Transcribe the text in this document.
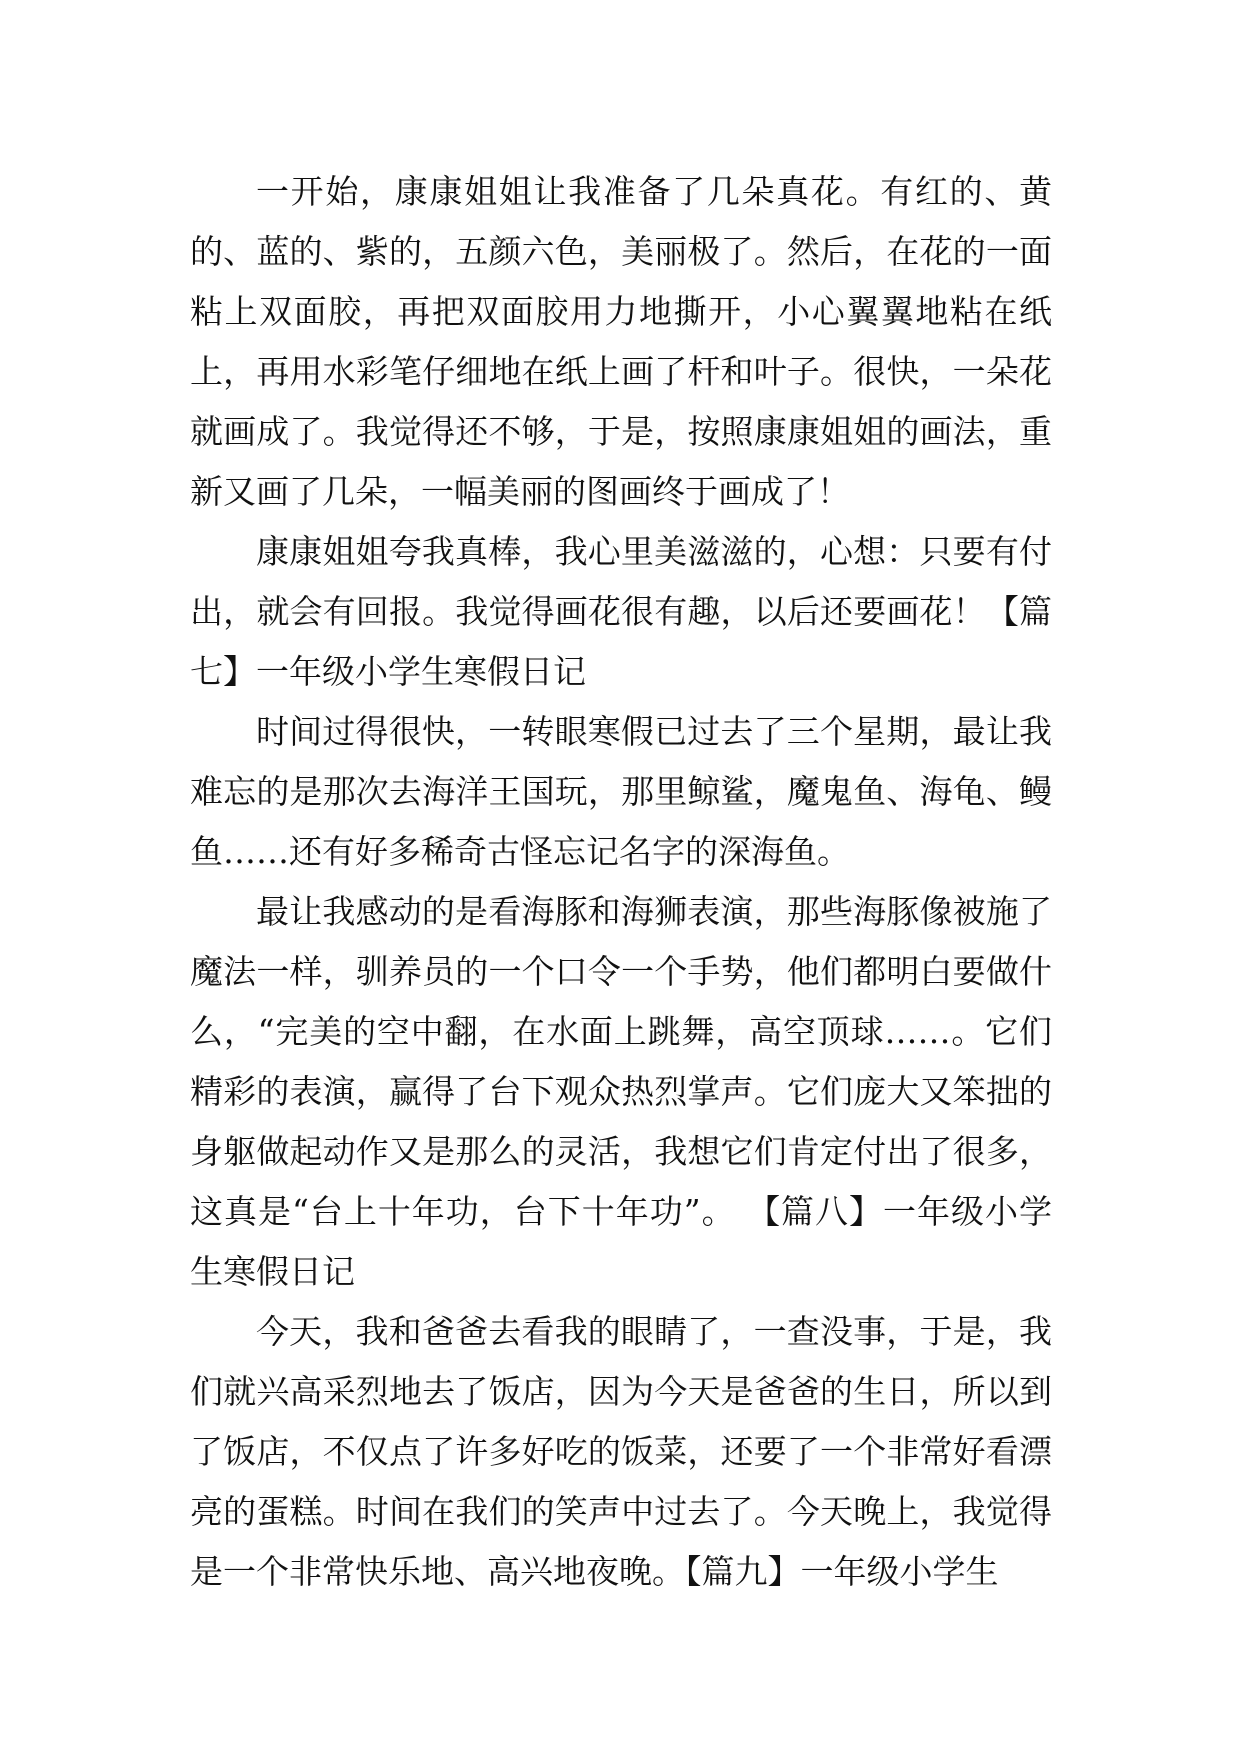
一开始，康康姐姐让我准备了几朵真花。有红的、黄的、蓝的、紫的，五颜六色，美丽极了。然后，在花的一面粘上双面胶，再把双面胶用力地撕开，小心翼翼地粘在纸上，再用水彩笔仔细地在纸上画了杆和叶子。很快，一朵花就画成了。我觉得还不够，于是，按照康康姐姐的画法，重新又画了几朵，一幅美丽的图画终于画成了！

康康姐姐夸我真棒，我心里美滋滋的，心想：只要有付出，就会有回报。我觉得画花很有趣，以后还要画花！【篇七】一年级小学生寒假日记

时间过得很快，一转眼寒假已过去了三个星期，最让我难忘的是那次去海洋王国玩，那里鲸鲨，魔鬼鱼、海龟、鳗鱼……还有好多稀奇古怪忘记名字的深海鱼。

最让我感动的是看海豚和海狮表演，那些海豚像被施了魔法一样，驯养员的一个口令一个手势，他们都明白要做什么，“完美的空中翻，在水面上跳舞，高空顶球……。它们精彩的表演，赢得了台下观众热烈掌声。它们庞大又笨拙的身躯做起动作又是那么的灵活，我想它们肯定付出了很多，这真是“台上十年功，台下十年功”。 【篇八】一年级小学生寒假日记

今天，我和爸爸去看我的眼睛了，一查没事，于是，我们就兴高采烈地去了饭店，因为今天是爸爸的生日，所以到了饭店，不仅点了许多好吃的饭菜，还要了一个非常好看漂亮的蛋糕。时间在我们的笑声中过去了。今天晚上，我觉得是一个非常快乐地、高兴地夜晚。【篇九】一年级小学生
